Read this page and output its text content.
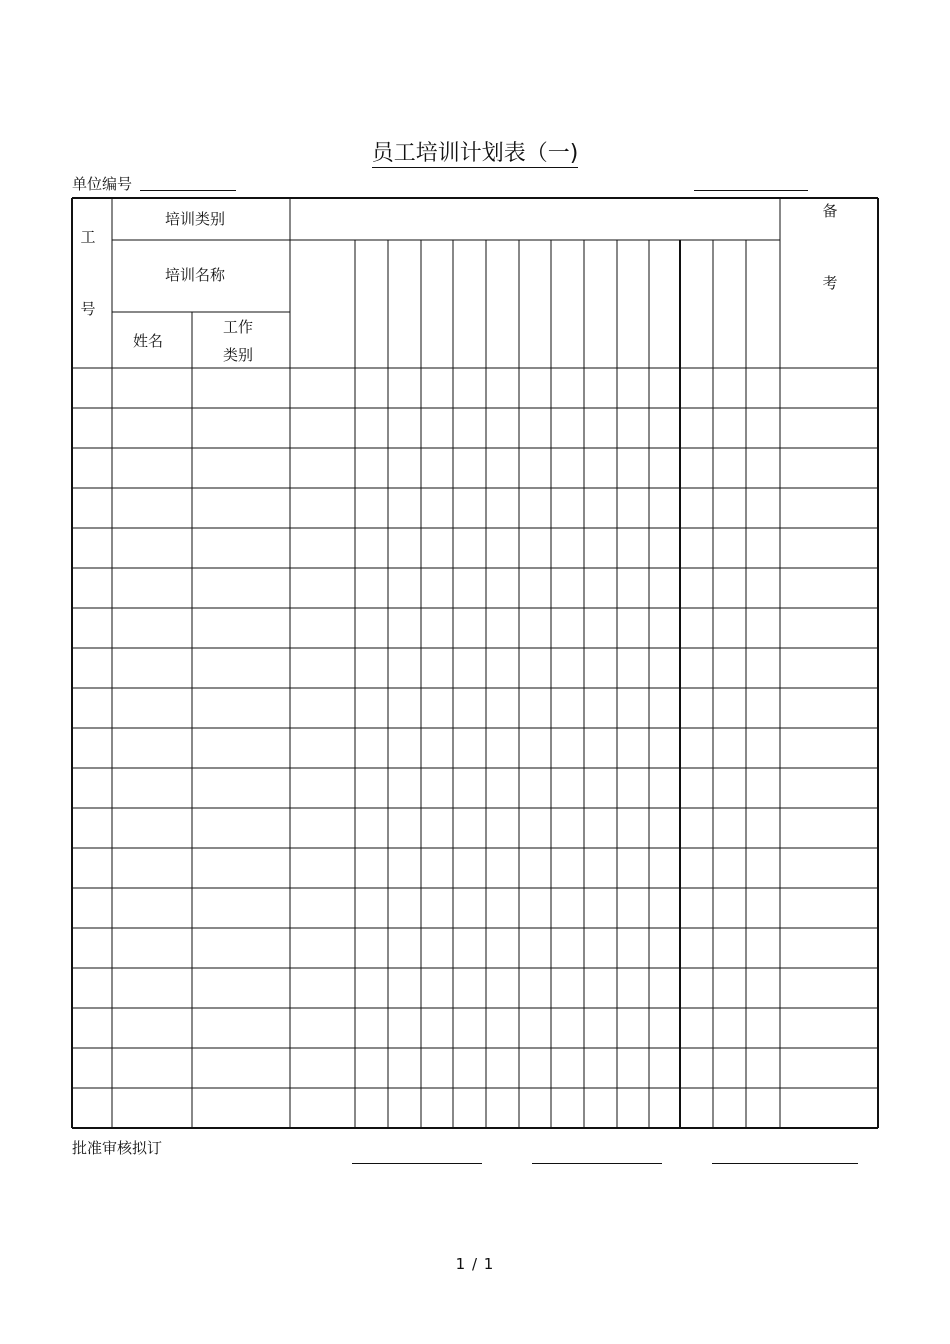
员工培训计划表（一)
单位编号
工

号
培训类别
培训名称
姓名
工作
类别
备

考
批准审核拟订
1 / 1
